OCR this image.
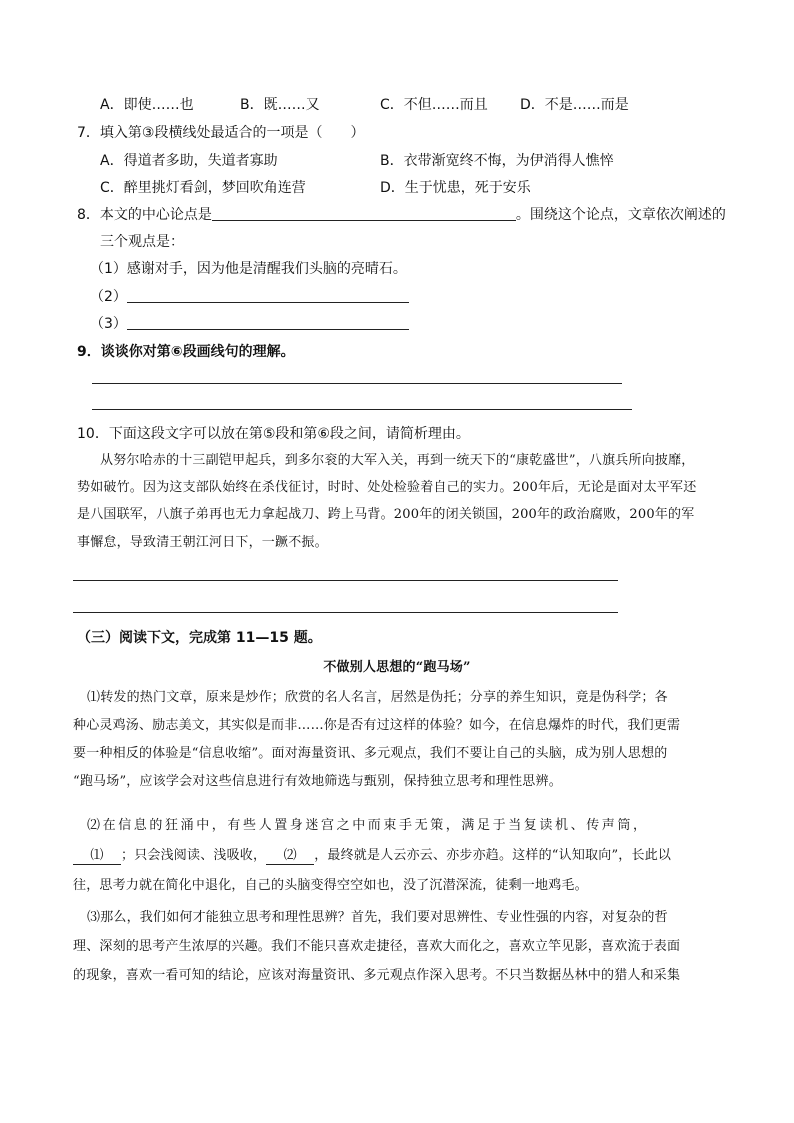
A．即使……也	B．既……又	C．不但……而且 D．不是……而是
7．填入第③段横线处最适合的一项是（　　）
A．得道者多助，失道者寡助	B．衣带渐宽终不悔，为伊消得人憔悴
C．醉里挑灯看剑，梦回吹角连营	D．生于忧患，死于安乐
8．本文的中心论点是	。围绕这个论点，文章依次阐述的
三个观点是：
（1）感谢对手，因为他是清醒我们头脑的亮晴石。
（2）
（3）
9．谈谈你对第⑥段画线句的理解。
10．下面这段文字可以放在第⑤段和第⑥段之间，请简析理由。
从努尔哈赤的十三副铠甲起兵，到多尔衮的大军入关，再到一统天下的“康乾盛世”，八旗兵所向披靡，
势如破竹。因为这支部队始终在杀伐征讨，时时、处处检验着自己的实力。200年后，无论是面对太平军还
是八国联军，八旗子弟再也无力拿起战刀、跨上马背。200年的闭关锁国，200年的政治腐败，200年的军
事懈怠，导致清王朝江河日下，一蹶不振。
（三）阅读下文，完成第 11—15 题。
不做别人思想的“跑马场”
⑴转发的热门文章，原来是炒作；欣赏的名人名言，居然是伪托；分享的养生知识，竟是伪科学；各
种心灵鸡汤、励志美文，其实似是而非……你是否有过这样的体验？如今，在信息爆炸的时代，我们更需
要一种相反的体验是“信息收缩”。面对海量资讯、多元观点，我们不要让自己的头脑，成为别人思想的
“跑马场”，应该学会对这些信息进行有效地筛选与甄别，保持独立思考和理性思辨。
⑵在信息的狂涌中，有些人置身迷宫之中而束手无策，满足于当复读机、传声筒，
⑴ ；只会浅阅读、浅吸收， ⑵ ，最终就是人云亦云、亦步亦趋。这样的“认知取向”，长此以
往，思考力就在简化中退化，自己的头脑变得空空如也，没了沉潜深流，徒剩一地鸡毛。
⑶那么，我们如何才能独立思考和理性思辨？首先，我们要对思辨性、专业性强的内容，对复杂的哲
理、深刻的思考产生浓厚的兴趣。我们不能只喜欢走捷径，喜欢大而化之，喜欢立竿见影，喜欢流于表面
的现象，喜欢一看可知的结论，应该对海量资讯、多元观点作深入思考。不只当数据丛林中的猎人和采集
